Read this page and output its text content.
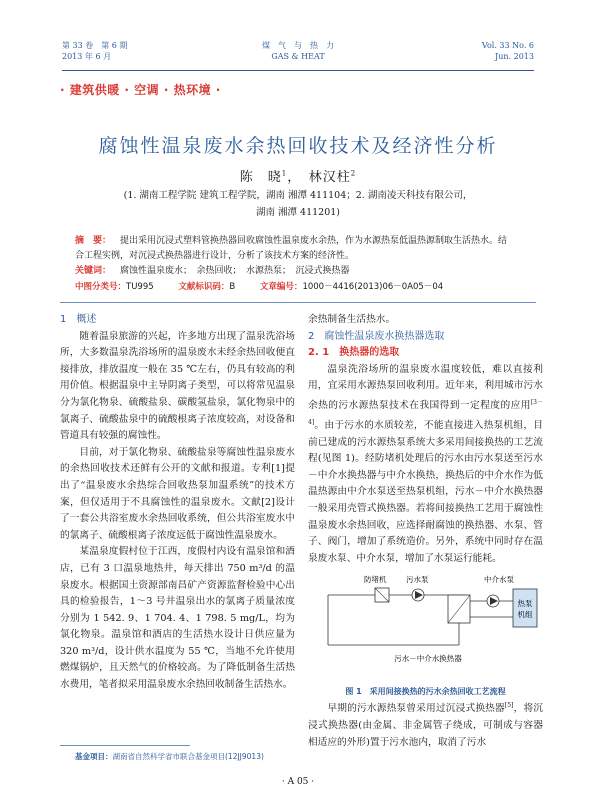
第 33 卷　第 6 期
2013 年 6 月
煤　气　与　热　力
GAS & HEAT
Vol. 33 No. 6
Jun. 2013
· 建筑供暖 · 空调 · 热环境 ·
腐蚀性温泉废水余热回收技术及经济性分析
陈　晓$^1$，　林汉柱$^2$
(1. 湖南工程学院 建筑工程学院，湖南 湘潭 411104；2. 湖南凌天科技有限公司，
湖南 湘潭 411201)
摘　要： 提出采用沉浸式塑料管换热器回收腐蚀性温泉废水余热，作为水源热泵低温热源制取生活热水。结合工程实例，对沉浸式换热器进行设计，分析了该技术方案的经济性。
关键词： 腐蚀性温泉废水；　余热回收；　水源热泵；　沉浸式换热器
中图分类号：TU995	文献标识码：B	文章编号：1000－4416(2013)06－0A05－04
1　概述

随着温泉旅游的兴起，许多地方出现了温泉洗浴场所，大多数温泉洗浴场所的温泉废水未经余热回收便直接排放，排放温度一般在 35 ℃左右，仍具有较高的利用价值。根据温泉中主导阴离子类型，可以将常见温泉分为氯化物泉、硫酸盐泉、碳酸氢盐泉，氯化物泉中的氯离子、硫酸盐泉中的硫酸根离子浓度较高，对设备和管道具有较强的腐蚀性。

目前，对于氯化物泉、硫酸盐泉等腐蚀性温泉废水的余热回收技术还鲜有公开的文献和报道。专利[1]提出了“温泉废水余热综合回收热泵加温系统”的技术方案，但仅适用于不具腐蚀性的温泉废水。文献[2]设计了一套公共浴室废水余热回收系统，但公共浴室废水中的氯离子、硫酸根离子浓度远低于腐蚀性温泉废水。

某温泉度假村位于江西，度假村内设有温泉馆和酒店，已有 3 口温泉地热井，每天排出 750 m³/d 的温泉废水。根据国土资源部南昌矿产资源监督检验中心出具的检验报告，1～3 号井温泉出水的氯离子质量浓度分别为 1 542. 9、1 704. 4、1 798. 5 mg/L，均为氯化物泉。温泉馆和酒店的生活热水设计日供应量为 320 m³/d，设计供水温度为 55 ℃，当地不允许使用燃煤锅炉，且天然气的价格较高。为了降低制备生活热水费用，笔者拟采用温泉废水余热回收制备生活热水。

余热制备生活热水。

2　腐蚀性温泉废水换热器选取
2. 1　换热器的选取

温泉洗浴场所的温泉废水温度较低，难以直接利用，宜采用水源热泵回收利用。近年来，利用城市污水余热的污水源热泵技术在我国得到一定程度的应用[3－4]。由于污水的水质较差，不能直接进入热泵机组，目前已建成的污水源热泵系统大多采用间接换热的工艺流程(见图 1)。经防堵机处理后的污水由污水泵送至污水－中介水换热器与中介水换热，换热后的中介水作为低温热源由中介水泵送至热泵机组，污水－中介水换热器一般采用壳管式换热器。若将间接换热工艺用于腐蚀性温泉废水余热回收，应选择耐腐蚀的换热器、水泵、管子、阀门，增加了系统造价。另外，系统中同时存在温泉废水泵、中介水泵，增加了水泵运行能耗。

防堵机	污水泵	中介水泵
热泵
机组
污水－中介水换热器
图 1　采用间接换热的污水余热回收工艺流程

早期的污水源热泵曾采用过沉浸式换热器[5]，将沉浸式换热器(由金属、非金属管子绕成，可制成与容器相适应的外形)置于污水池内，取消了污水

基金项目：湖南省自然科学省市联合基金项目(12JJ9013)
· A 05 ·
